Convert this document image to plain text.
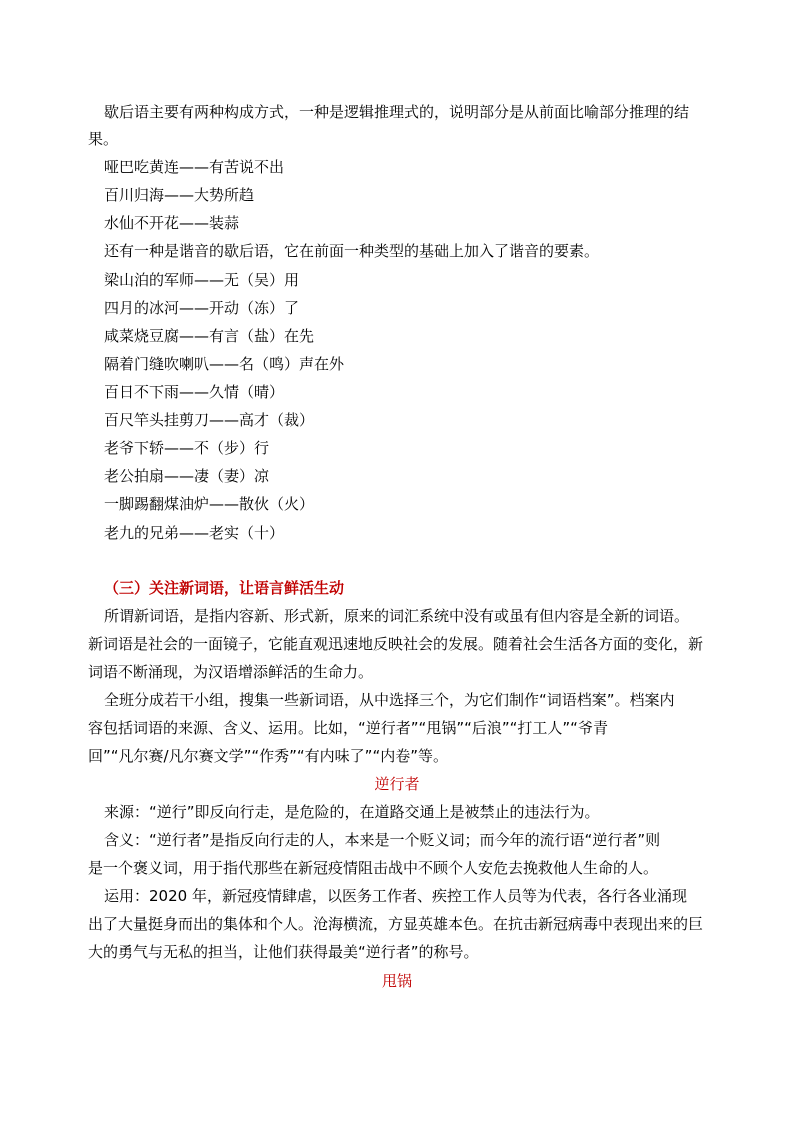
歇后语主要有两种构成方式，一种是逻辑推理式的，说明部分是从前面比喻部分推理的结
果。
哑巴吃黄连——有苦说不出
百川归海——大势所趋
水仙不开花——装蒜
还有一种是谐音的歇后语，它在前面一种类型的基础上加入了谐音的要素。
梁山泊的军师——无（吴）用
四月的冰河——开动（冻）了
咸菜烧豆腐——有言（盐）在先
隔着门缝吹喇叭——名（鸣）声在外
百日不下雨——久情（晴）
百尺竿头挂剪刀——高才（裁）
老爷下轿——不（步）行
老公拍扇——凄（妻）凉
一脚踢翻煤油炉——散伙（火）
老九的兄弟——老实（十）
（三）关注新词语，让语言鲜活生动
所谓新词语，是指内容新、形式新，原来的词汇系统中没有或虽有但内容是全新的词语。
新词语是社会的一面镜子，它能直观迅速地反映社会的发展。随着社会生活各方面的变化，新
词语不断涌现，为汉语增添鲜活的生命力。
全班分成若干小组，搜集一些新词语，从中选择三个，为它们制作“词语档案”。档案内
容包括词语的来源、含义、运用。比如，“逆行者”“甩锅”“后浪”“打工人”“爷青
回”“凡尔赛/凡尔赛文学”“作秀”“有内味了”“内卷”等。
逆行者
来源：“逆行”即反向行走，是危险的，在道路交通上是被禁止的违法行为。
含义：“逆行者”是指反向行走的人，本来是一个贬义词；而今年的流行语“逆行者”则
是一个褒义词，用于指代那些在新冠疫情阻击战中不顾个人安危去挽救他人生命的人。
运用：2020 年，新冠疫情肆虐，以医务工作者、疾控工作人员等为代表，各行各业涌现
出了大量挺身而出的集体和个人。沧海横流，方显英雄本色。在抗击新冠病毒中表现出来的巨
大的勇气与无私的担当，让他们获得最美“逆行者”的称号。
甩锅
